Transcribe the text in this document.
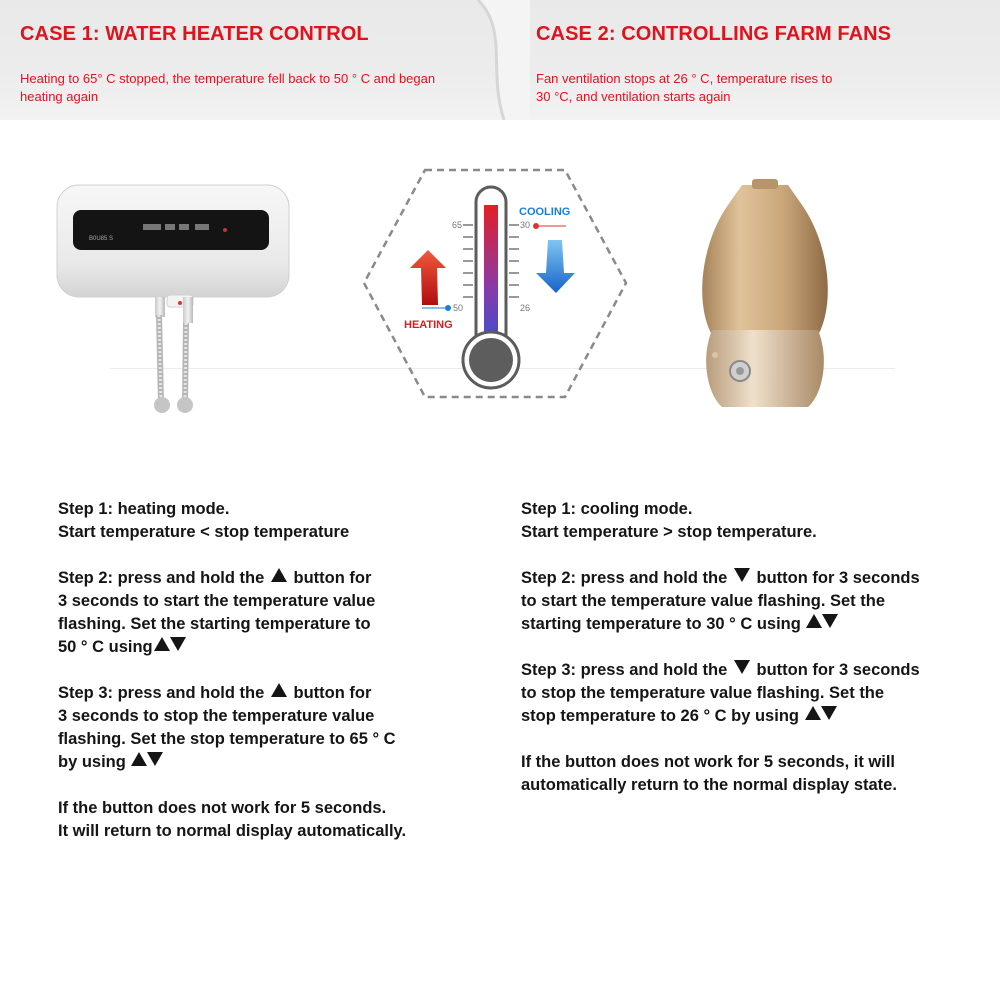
CASE 1: WATER HEATER CONTROL

Heating to 65° C stopped, the temperature fell back to 50 ° C and began heating again

CASE 2: CONTROLLING FARM FANS

Fan ventilation stops at 26 ° C, temperature rises to 30 °C, and ventilation starts again

B0U85 S
65
50
30
26
COOLING
HEATING

Step 1: heating mode.
Start temperature < stop temperature

Step 2: press and hold the button for
3 seconds to start the temperature value
flashing. Set the starting temperature to
50 ° C using

Step 3: press and hold the button for
3 seconds to stop the temperature value
flashing. Set the stop temperature to 65 ° C
by using

If the button does not work for 5 seconds.
It will return to normal display automatically.

Step 1: cooling mode.
Start temperature > stop temperature.

Step 2: press and hold the button for 3 seconds
to start the temperature value flashing. Set the
starting temperature to 30 ° C using

Step 3: press and hold the button for 3 seconds
to stop the temperature value flashing. Set the
stop temperature to 26 ° C by using

If the button does not work for 5 seconds, it will
automatically return to the normal display state.
